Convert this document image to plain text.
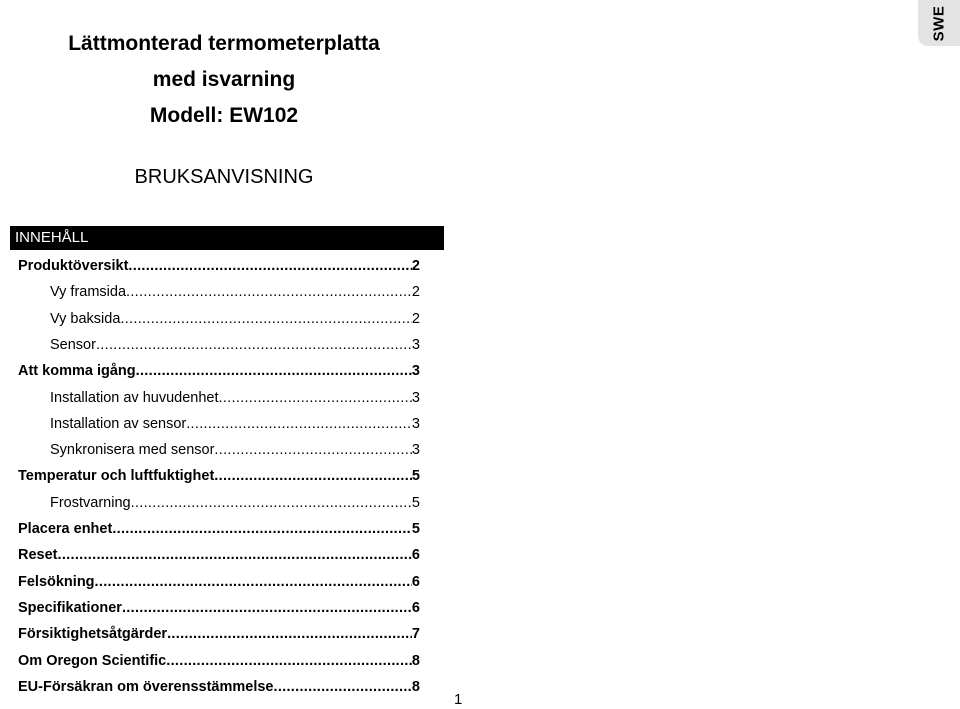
Lättmonterad termometerplatta
med isvarning
Modell: EW102
BRUKSANVISNING
SWE
INNEHÅLL
Produktöversikt .....	2
Vy framsida .....	2
Vy baksida .....	2
Sensor .....	3
Att komma igång .....	3
Installation av huvudenhet .....	3
Installation av sensor .....	3
Synkronisera med sensor .....	3
Temperatur och luftfuktighet .....	5
Frostvarning .....	5
Placera enhet .....	5
Reset .....	6
Felsökning .....	6
Specifikationer .....	6
Försiktighetsåtgärder .....	7
Om Oregon Scientific .....	8
EU-Försäkran om överensstämmelse .....	8
1
